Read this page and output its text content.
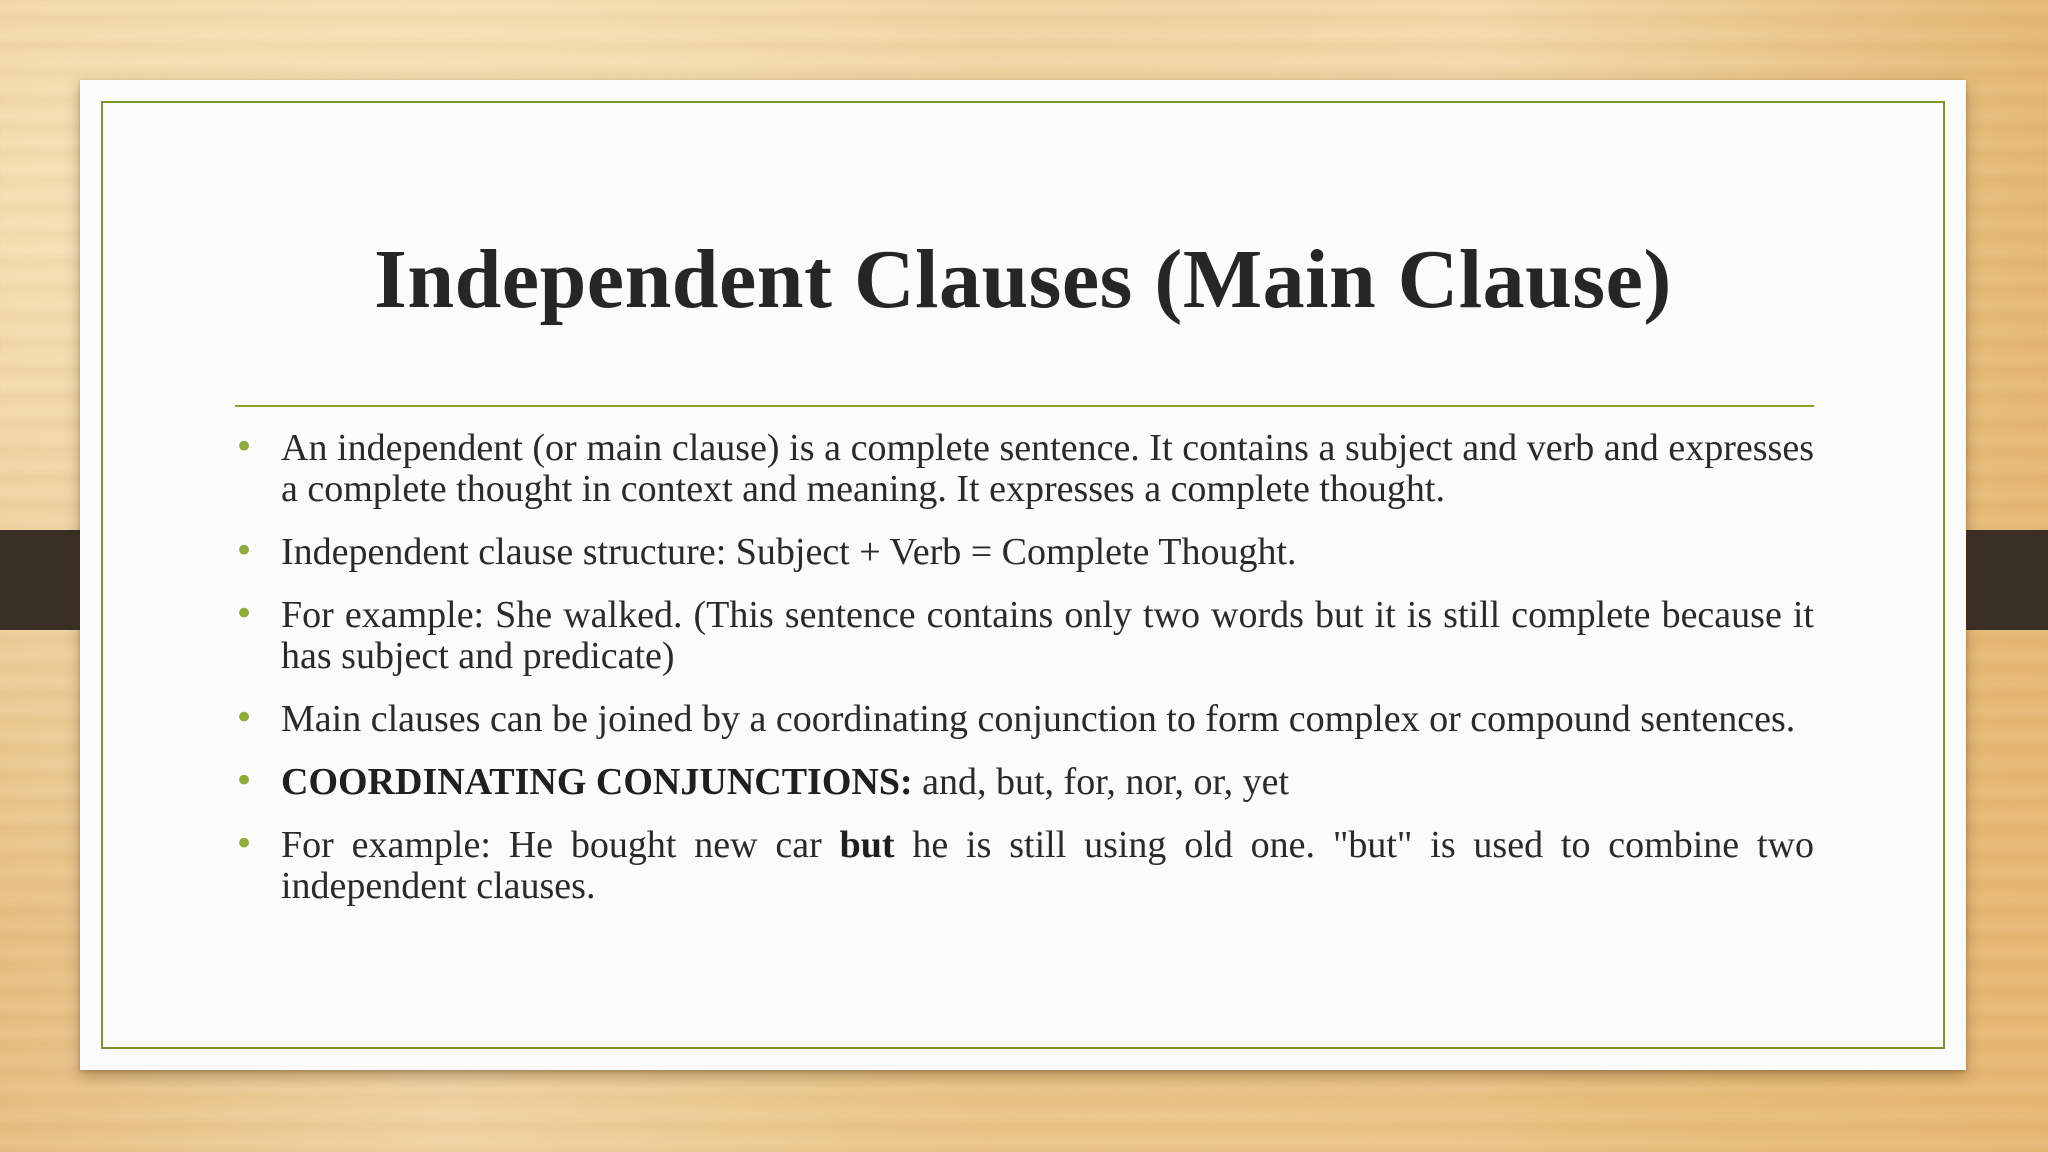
Independent Clauses (Main Clause)
• An independent (or main clause) is a complete sentence. It contains a subject and verb and expresses a complete thought in context and meaning. It expresses a complete thought.
• Independent clause structure: Subject + Verb = Complete Thought.
• For example: She walked. (This sentence contains only two words but it is still complete because it has subject and predicate)
• Main clauses can be joined by a coordinating conjunction to form complex or compound sentences.
• COORDINATING CONJUNCTIONS: and, but, for, nor, or, yet
• For example: He bought new car but he is still using old one. "but" is used to combine two independent clauses.
